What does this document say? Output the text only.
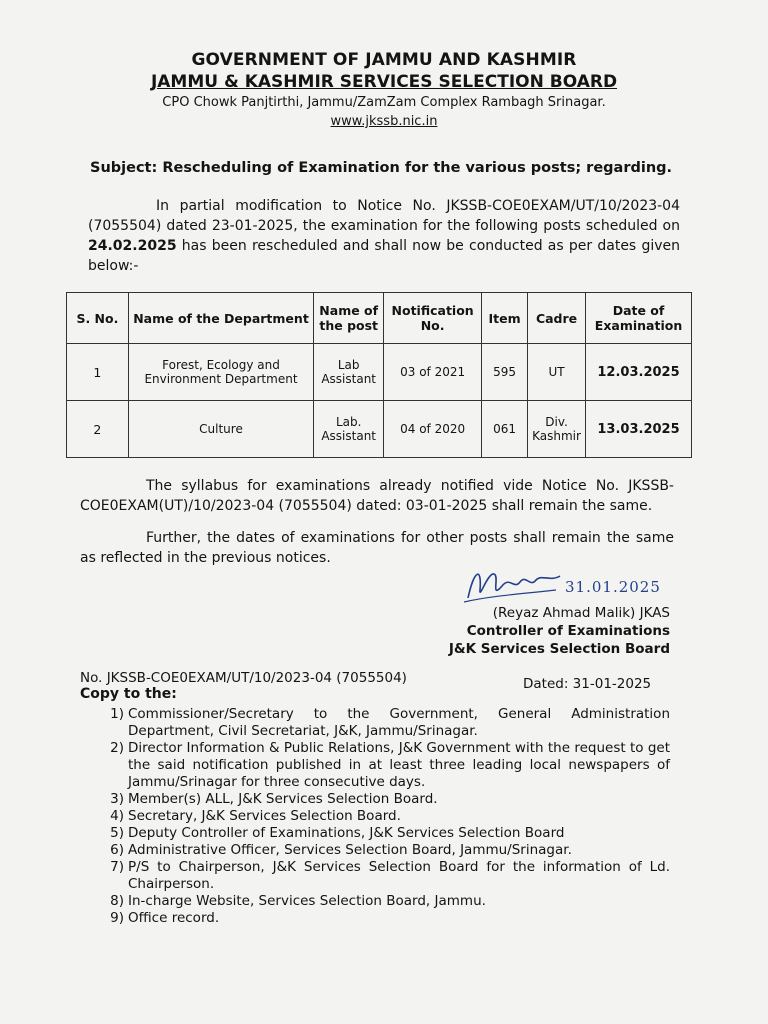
GOVERNMENT OF JAMMU AND KASHMIR
JAMMU & KASHMIR SERVICES SELECTION BOARD
CPO Chowk Panjtirthi, Jammu/ZamZam Complex Rambagh Srinagar.
www.jkssb.nic.in
Subject: Rescheduling of Examination for the various posts; regarding.
In partial modification to Notice No. JKSSB-COE0EXAM/UT/10/2023-04 (7055504) dated 23-01-2025, the examination for the following posts scheduled on 24.02.2025 has been rescheduled and shall now be conducted as per dates given below:-
S. No.	Name of the Department	Name of the post	Notification No.	Item	Cadre	Date of Examination
1	Forest, Ecology and Environment Department	Lab Assistant	03 of 2021	595	UT	12.03.2025
2	Culture	Lab. Assistant	04 of 2020	061	Div. Kashmir	13.03.2025
The syllabus for examinations already notified vide Notice No. JKSSB-COE0EXAM(UT)/10/2023-04 (7055504) dated: 03-01-2025 shall remain the same.
Further, the dates of examinations for other posts shall remain the same as reflected in the previous notices.
31.01.2025
(Reyaz Ahmad Malik) JKAS
Controller of Examinations
J&K Services Selection Board
No. JKSSB-COE0EXAM/UT/10/2023-04 (7055504)	Dated: 31-01-2025
Copy to the:
1) Commissioner/Secretary to the Government, General Administration Department, Civil Secretariat, J&K, Jammu/Srinagar.
2) Director Information & Public Relations, J&K Government with the request to get the said notification published in at least three leading local newspapers of Jammu/Srinagar for three consecutive days.
3) Member(s) ALL, J&K Services Selection Board.
4) Secretary, J&K Services Selection Board.
5) Deputy Controller of Examinations, J&K Services Selection Board
6) Administrative Officer, Services Selection Board, Jammu/Srinagar.
7) P/S to Chairperson, J&K Services Selection Board for the information of Ld. Chairperson.
8) In-charge Website, Services Selection Board, Jammu.
9) Office record.
